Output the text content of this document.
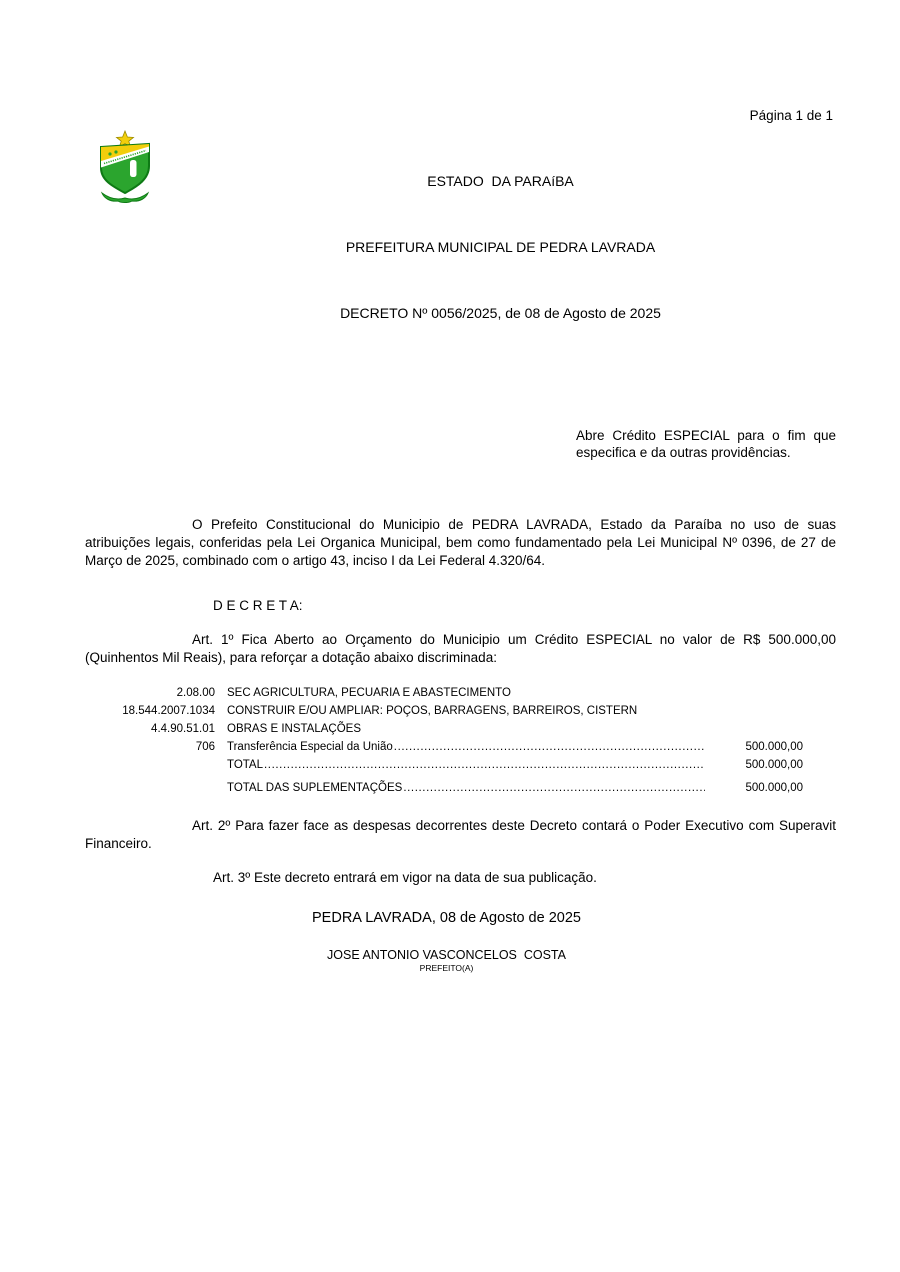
Página 1 de 1

ESTADO  DA PARAíBA

PREFEITURA MUNICIPAL DE PEDRA LAVRADA

DECRETO Nº 0056/2025, de 08 de Agosto de 2025

Abre Crédito ESPECIAL para o fim que especifica e da outras providências.

O Prefeito Constitucional do Municipio de PEDRA LAVRADA, Estado da Paraíba no uso de suas atribuições legais, conferidas pela Lei Organica Municipal, bem como fundamentado pela Lei Municipal Nº 0396, de 27 de Março de 2025, combinado com o artigo 43, inciso I da Lei Federal 4.320/64.

D E C R E T A:

Art. 1º Fica Aberto ao Orçamento do Municipio um Crédito ESPECIAL no valor de R$ 500.000,00 (Quinhentos Mil Reais), para reforçar a dotação abaixo discriminada:

2.08.00 SEC AGRICULTURA, PECUARIA E ABASTECIMENTO
18.544.2007.1034 CONSTRUIR E/OU AMPLIAR: POÇOS, BARRAGENS, BARREIROS, CISTERN
4.4.90.51.01 OBRAS E INSTALAÇÕES
706 Transferência Especial da União .....	500.000,00
TOTAL .....	500.000,00
TOTAL DAS SUPLEMENTAÇÕES .....	500.000,00

Art. 2º Para fazer face as despesas decorrentes deste Decreto contará o Poder Executivo com Superavit Financeiro.

Art. 3º Este decreto entrará em vigor na data de sua publicação.
PEDRA LAVRADA, 08 de Agosto de 2025
JOSE ANTONIO VASCONCELOS  COSTA
PREFEITO(A)
